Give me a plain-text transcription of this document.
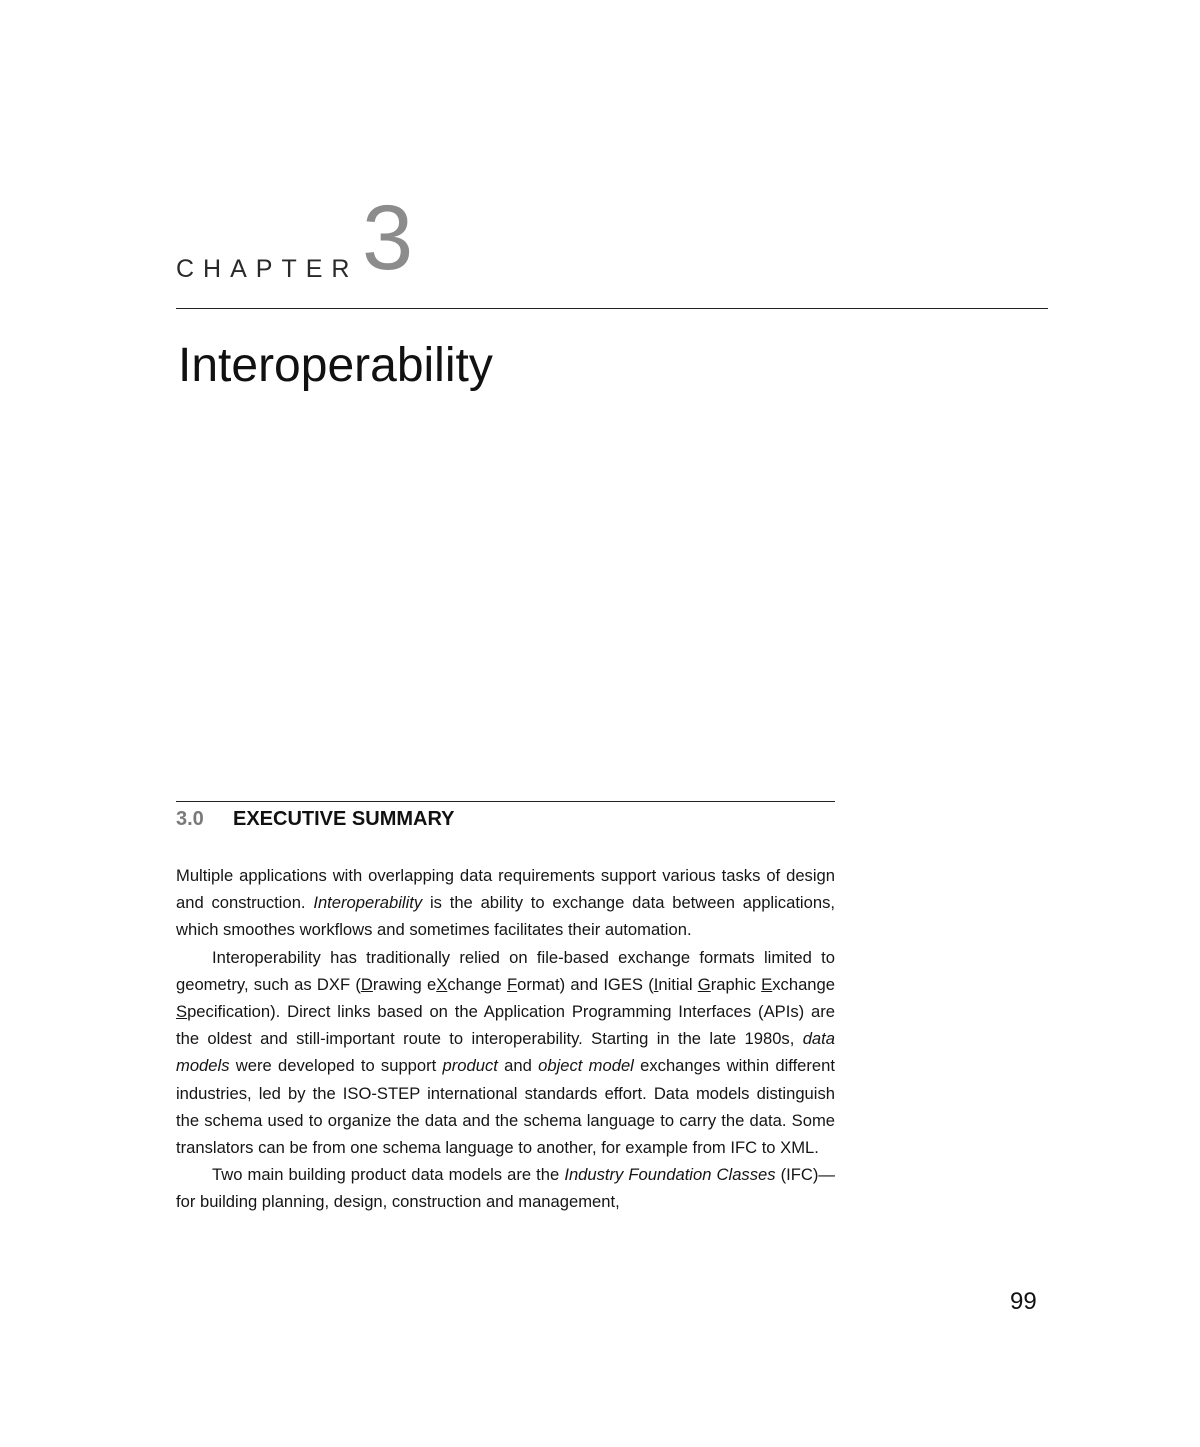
CHAPTER 3
Interoperability
3.0 EXECUTIVE SUMMARY

Multiple applications with overlapping data requirements support various tasks of design and construction. Interoperability is the ability to exchange data between applications, which smoothes workflows and sometimes facilitates their automation.

Interoperability has traditionally relied on file-based exchange formats limited to geometry, such as DXF (Drawing eXchange Format) and IGES (Initial Graphic Exchange Specification). Direct links based on the Application Programming Interfaces (APIs) are the oldest and still-important route to interoperability. Starting in the late 1980s, data models were developed to support product and object model exchanges within different industries, led by the ISO-STEP international standards effort. Data models distinguish the schema used to organize the data and the schema language to carry the data. Some translators can be from one schema language to another, for example from IFC to XML.

Two main building product data models are the Industry Foundation Classes (IFC)—for building planning, design, construction and management,

99
